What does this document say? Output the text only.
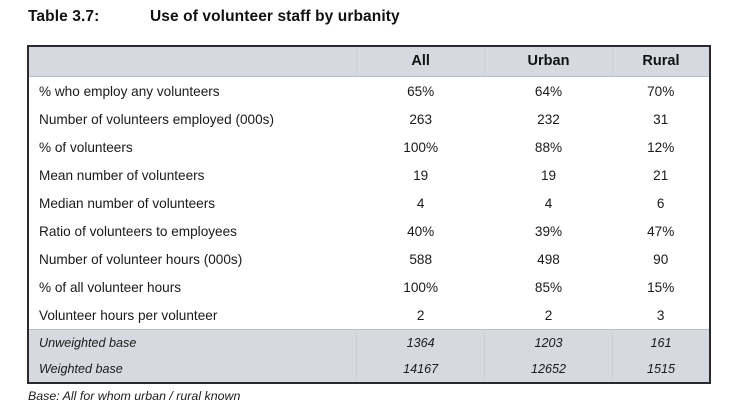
Table 3.7:	Use of volunteer staff by urbanity
	All	Urban	Rural
% who employ any volunteers	65%	64%	70%
Number of volunteers employed (000s)	263	232	31
% of volunteers	100%	88%	12%
Mean number of volunteers	19	19	21
Median number of volunteers	4	4	6
Ratio of volunteers to employees	40%	39%	47%
Number of volunteer hours (000s)	588	498	90
% of all volunteer hours	100%	85%	15%
Volunteer hours per volunteer	2	2	3
Unweighted base	1364	1203	161
Weighted base	14167	12652	1515
Base: All for whom urban / rural known
